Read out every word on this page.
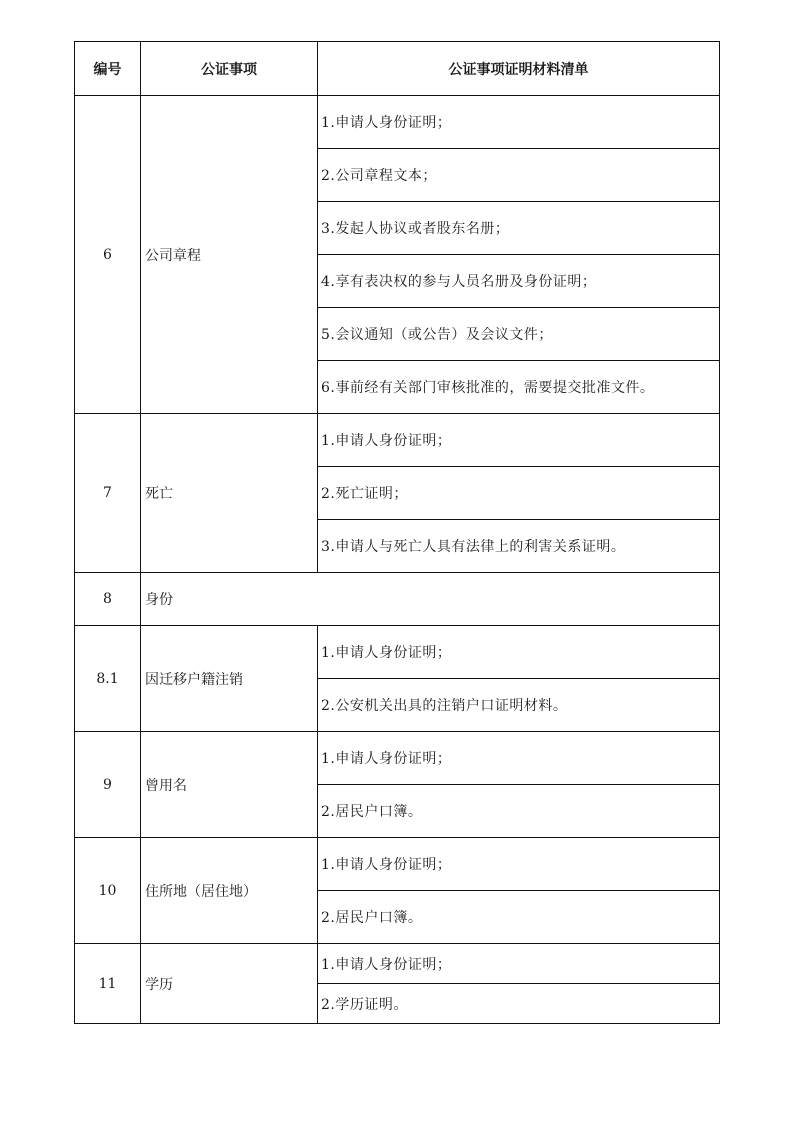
编号	公证事项	公证事项证明材料清单
6	公司章程	1.申请人身份证明；
		2.公司章程文本；
		3.发起人协议或者股东名册；
		4.享有表决权的参与人员名册及身份证明；
		5.会议通知（或公告）及会议文件；
		6.事前经有关部门审核批准的，需要提交批准文件。
7	死亡	1.申请人身份证明；
		2.死亡证明；
		3.申请人与死亡人具有法律上的利害关系证明。
8	身份	
8.1	因迁移户籍注销	1.申请人身份证明；
		2.公安机关出具的注销户口证明材料。
9	曾用名	1.申请人身份证明；
		2.居民户口簿。
10	住所地（居住地）	1.申请人身份证明；
		2.居民户口簿。
11	学历	1.申请人身份证明；
		2.学历证明。
